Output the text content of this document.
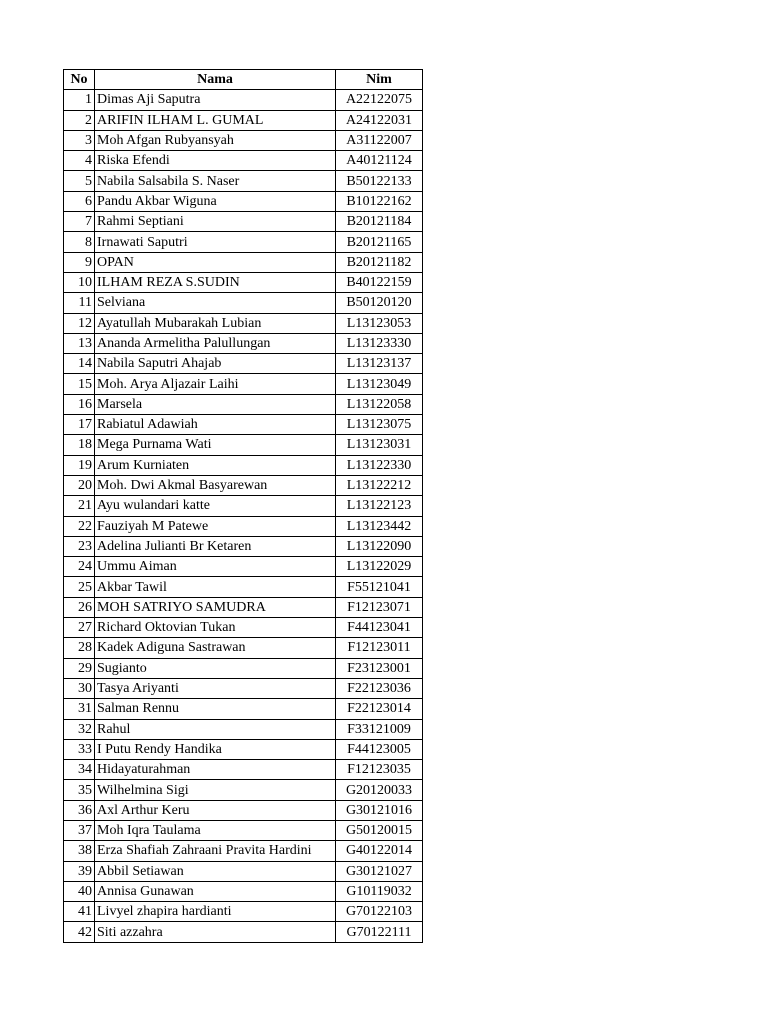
No	Nama	Nim
1	Dimas Aji Saputra	A22122075
2	ARIFIN ILHAM L. GUMAL	A24122031
3	Moh Afgan Rubyansyah	A31122007
4	Riska Efendi	A40121124
5	Nabila Salsabila S. Naser	B50122133
6	Pandu Akbar Wiguna	B10122162
7	Rahmi Septiani	B20121184
8	Irnawati Saputri	B20121165
9	OPAN	B20121182
10	ILHAM REZA S.SUDIN	B40122159
11	Selviana	B50120120
12	Ayatullah Mubarakah Lubian	L13123053
13	Ananda Armelitha Palullungan	L13123330
14	Nabila Saputri Ahajab	L13123137
15	Moh. Arya Aljazair Laihi	L13123049
16	Marsela	L13122058
17	Rabiatul Adawiah	L13123075
18	Mega Purnama Wati	L13123031
19	Arum Kurniaten	L13122330
20	Moh. Dwi Akmal Basyarewan	L13122212
21	Ayu wulandari katte	L13122123
22	Fauziyah M Patewe	L13123442
23	Adelina Julianti Br Ketaren	L13122090
24	Ummu Aiman	L13122029
25	Akbar Tawil	F55121041
26	MOH SATRIYO SAMUDRA	F12123071
27	Richard Oktovian Tukan	F44123041
28	Kadek Adiguna Sastrawan	F12123011
29	Sugianto	F23123001
30	Tasya Ariyanti	F22123036
31	Salman Rennu	F22123014
32	Rahul	F33121009
33	I Putu Rendy Handika	F44123005
34	Hidayaturahman	F12123035
35	Wilhelmina Sigi	G20120033
36	Axl Arthur Keru	G30121016
37	Moh Iqra Taulama	G50120015
38	Erza Shafiah Zahraani Pravita Hardini	G40122014
39	Abbil Setiawan	G30121027
40	Annisa Gunawan	G10119032
41	Livyel zhapira hardianti	G70122103
42	Siti azzahra	G70122111
